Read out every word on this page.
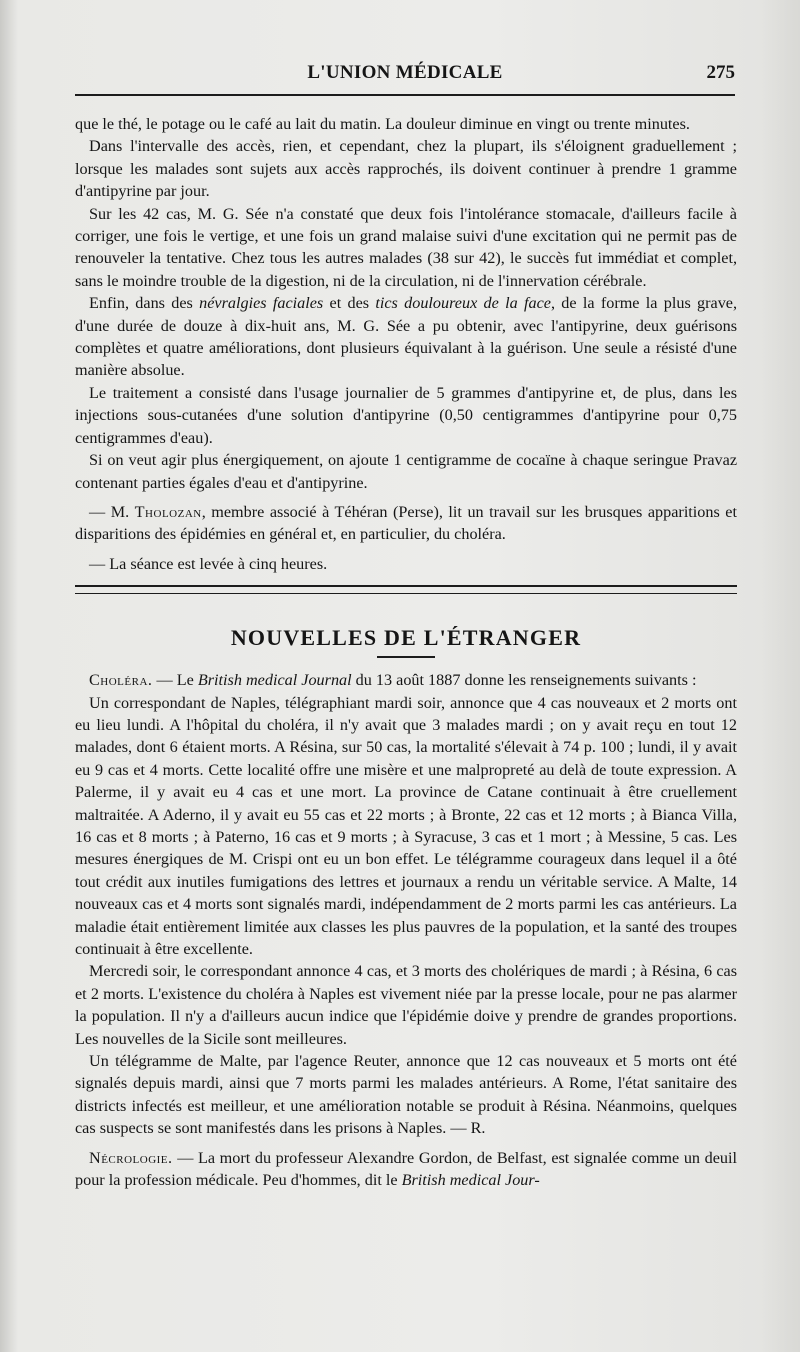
L'UNION MÉDICALE	275

que le thé, le potage ou le café au lait du matin. La douleur diminue en vingt ou trente minutes.

Dans l'intervalle des accès, rien, et cependant, chez la plupart, ils s'éloignent graduellement ; lorsque les malades sont sujets aux accès rapprochés, ils doivent continuer à prendre 1 gramme d'antipyrine par jour.

Sur les 42 cas, M. G. Sée n'a constaté que deux fois l'intolérance stomacale, d'ailleurs facile à corriger, une fois le vertige, et une fois un grand malaise suivi d'une excitation qui ne permit pas de renouveler la tentative. Chez tous les autres malades (38 sur 42), le succès fut immédiat et complet, sans le moindre trouble de la digestion, ni de la circulation, ni de l'innervation cérébrale.

Enfin, dans des névralgies faciales et des tics douloureux de la face, de la forme la plus grave, d'une durée de douze à dix-huit ans, M. G. Sée a pu obtenir, avec l'antipyrine, deux guérisons complètes et quatre améliorations, dont plusieurs équivalant à la guérison. Une seule a résisté d'une manière absolue.

Le traitement a consisté dans l'usage journalier de 5 grammes d'antipyrine et, de plus, dans les injections sous-cutanées d'une solution d'antipyrine (0,50 centigrammes d'antipyrine pour 0,75 centigrammes d'eau).

Si on veut agir plus énergiquement, on ajoute 1 centigramme de cocaïne à chaque seringue Pravaz contenant parties égales d'eau et d'antipyrine.

— M. Tholozan, membre associé à Téhéran (Perse), lit un travail sur les brusques apparitions et disparitions des épidémies en général et, en particulier, du choléra.

— La séance est levée à cinq heures.

NOUVELLES DE L'ÉTRANGER

Choléra. — Le British medical Journal du 13 août 1887 donne les renseignements suivants :

Un correspondant de Naples, télégraphiant mardi soir, annonce que 4 cas nouveaux et 2 morts ont eu lieu lundi. A l'hôpital du choléra, il n'y avait que 3 malades mardi ; on y avait reçu en tout 12 malades, dont 6 étaient morts. A Résina, sur 50 cas, la mortalité s'élevait à 74 p. 100 ; lundi, il y avait eu 9 cas et 4 morts. Cette localité offre une misère et une malpropreté au delà de toute expression. A Palerme, il y avait eu 4 cas et une mort. La province de Catane continuait à être cruellement maltraitée. A Aderno, il y avait eu 55 cas et 22 morts ; à Bronte, 22 cas et 12 morts ; à Bianca Villa, 16 cas et 8 morts ; à Paterno, 16 cas et 9 morts ; à Syracuse, 3 cas et 1 mort ; à Messine, 5 cas. Les mesures énergiques de M. Crispi ont eu un bon effet. Le télégramme courageux dans lequel il a ôté tout crédit aux inutiles fumigations des lettres et journaux a rendu un véritable service. A Malte, 14 nouveaux cas et 4 morts sont signalés mardi, indépendamment de 2 morts parmi les cas antérieurs. La maladie était entièrement limitée aux classes les plus pauvres de la population, et la santé des troupes continuait à être excellente.

Mercredi soir, le correspondant annonce 4 cas, et 3 morts des cholériques de mardi ; à Résina, 6 cas et 2 morts. L'existence du choléra à Naples est vivement niée par la presse locale, pour ne pas alarmer la population. Il n'y a d'ailleurs aucun indice que l'épidémie doive y prendre de grandes proportions. Les nouvelles de la Sicile sont meilleures.

Un télégramme de Malte, par l'agence Reuter, annonce que 12 cas nouveaux et 5 morts ont été signalés depuis mardi, ainsi que 7 morts parmi les malades antérieurs. A Rome, l'état sanitaire des districts infectés est meilleur, et une amélioration notable se produit à Résina. Néanmoins, quelques cas suspects se sont manifestés dans les prisons à Naples. — R.

Nécrologie. — La mort du professeur Alexandre Gordon, de Belfast, est signalée comme un deuil pour la profession médicale. Peu d'hommes, dit le British medical Jour-
